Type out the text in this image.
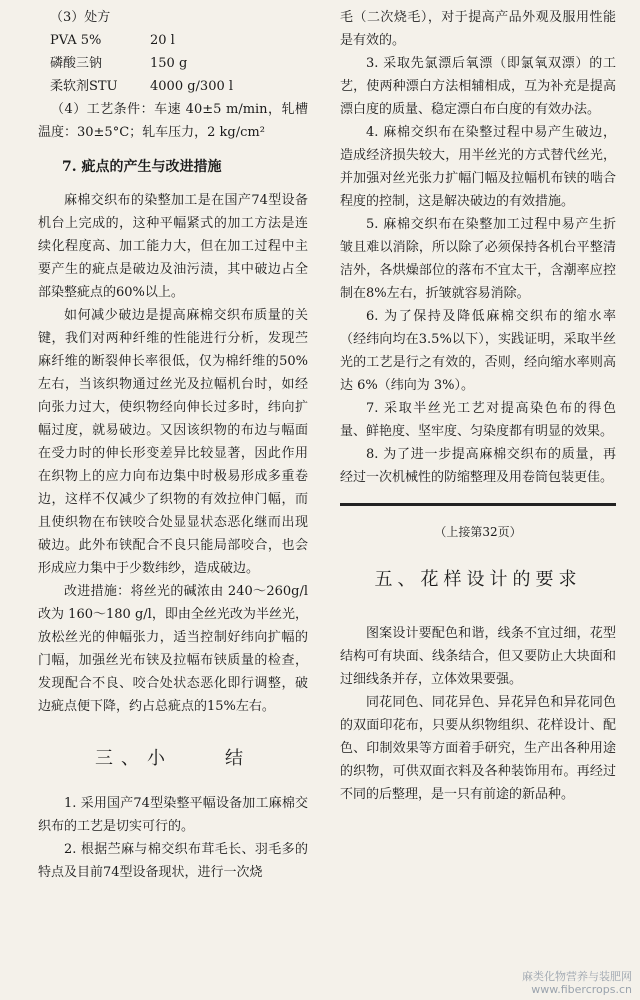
（3）处方

PVA 5%	20 l
磷酸三钠	150 g
柔软剂STU	4000 g/300 l

（4）工艺条件：车速 40±5 m/min，轧槽温度：30±5°C；轧车压力，2 kg/cm²

7. 疵点的产生与改进措施

麻棉交织布的染整加工是在国产74型设备机台上完成的，这种平幅紧式的加工方法是连续化程度高、加工能力大，但在加工过程中主要产生的疵点是破边及油污渍，其中破边占全部染整疵点的60%以上。

如何减少破边是提高麻棉交织布质量的关键，我们对两种纤维的性能进行分析，发现苎麻纤维的断裂伸长率很低，仅为棉纤维的50%左右，当该织物通过丝光及拉幅机台时，如经向张力过大，使织物经向伸长过多时，纬向扩幅过度，就易破边。又因该织物的布边与幅面在受力时的伸长形变差异比较显著，因此作用在织物上的应力向布边集中时极易形成多重卷边，这样不仅减少了织物的有效拉伸门幅，而且使织物在布铗咬合处显显状态恶化继而出现破边。此外布铗配合不良只能局部咬合，也会形成应力集中于少数纬纱，造成破边。

改进措施：将丝光的碱浓由 240～260g/l 改为 160～180 g/l，即由全丝光改为半丝光，放松丝光的伸幅张力，适当控制好纬向扩幅的门幅，加强丝光布铗及拉幅布铗质量的检查，发现配合不良、咬合处状态恶化即行调整，破边疵点便下降，约占总疵点的15%左右。

三、小　　结

1. 采用国产74型染整平幅设备加工麻棉交织布的工艺是切实可行的。

2. 根据苎麻与棉交织布茸毛长、羽毛多的特点及目前74型设备现状，进行一次烧

毛（二次烧毛），对于提高产品外观及服用性能是有效的。

3. 采取先氯漂后氧漂（即氯氧双漂）的工艺，使两种漂白方法相辅相成，互为补充是提高漂白度的质量、稳定漂白布白度的有效办法。

4. 麻棉交织布在染整过程中易产生破边，造成经济损失较大，用半丝光的方式替代丝光，并加强对丝光张力扩幅门幅及拉幅机布铗的啮合程度的控制，这是解决破边的有效措施。

5. 麻棉交织布在染整加工过程中易产生折皱且难以消除，所以除了必须保持各机台平整清洁外，各烘燥部位的落布不宜太干，含潮率应控制在8%左右，折皱就容易消除。

6. 为了保持及降低麻棉交织布的缩水率（经纬向均在3.5%以下），实践证明，采取半丝光的工艺是行之有效的，否则，经向缩水率则高达 6%（纬向为 3%）。

7. 采取半丝光工艺对提高染色布的得色量、鲜艳度、坚牢度、匀染度都有明显的效果。

8. 为了进一步提高麻棉交织布的质量，再经过一次机械性的防缩整理及用卷筒包装更佳。

（上接第32页）
五、花样设计的要求

图案设计要配色和谐，线条不宜过细，花型结构可有块面、线条结合，但又要防止大块面和过细线条并存，立体效果要强。

同花同色、同花异色、异花异色和异花同色的双面印花布，只要从织物组织、花样设计、配色、印制效果等方面着手研究，生产出各种用途的织物，可供双面衣料及各种装饰用布。再经过不同的后整理，是一只有前途的新品种。

麻类化物营养与装肥网
www.fibercrops.cn
